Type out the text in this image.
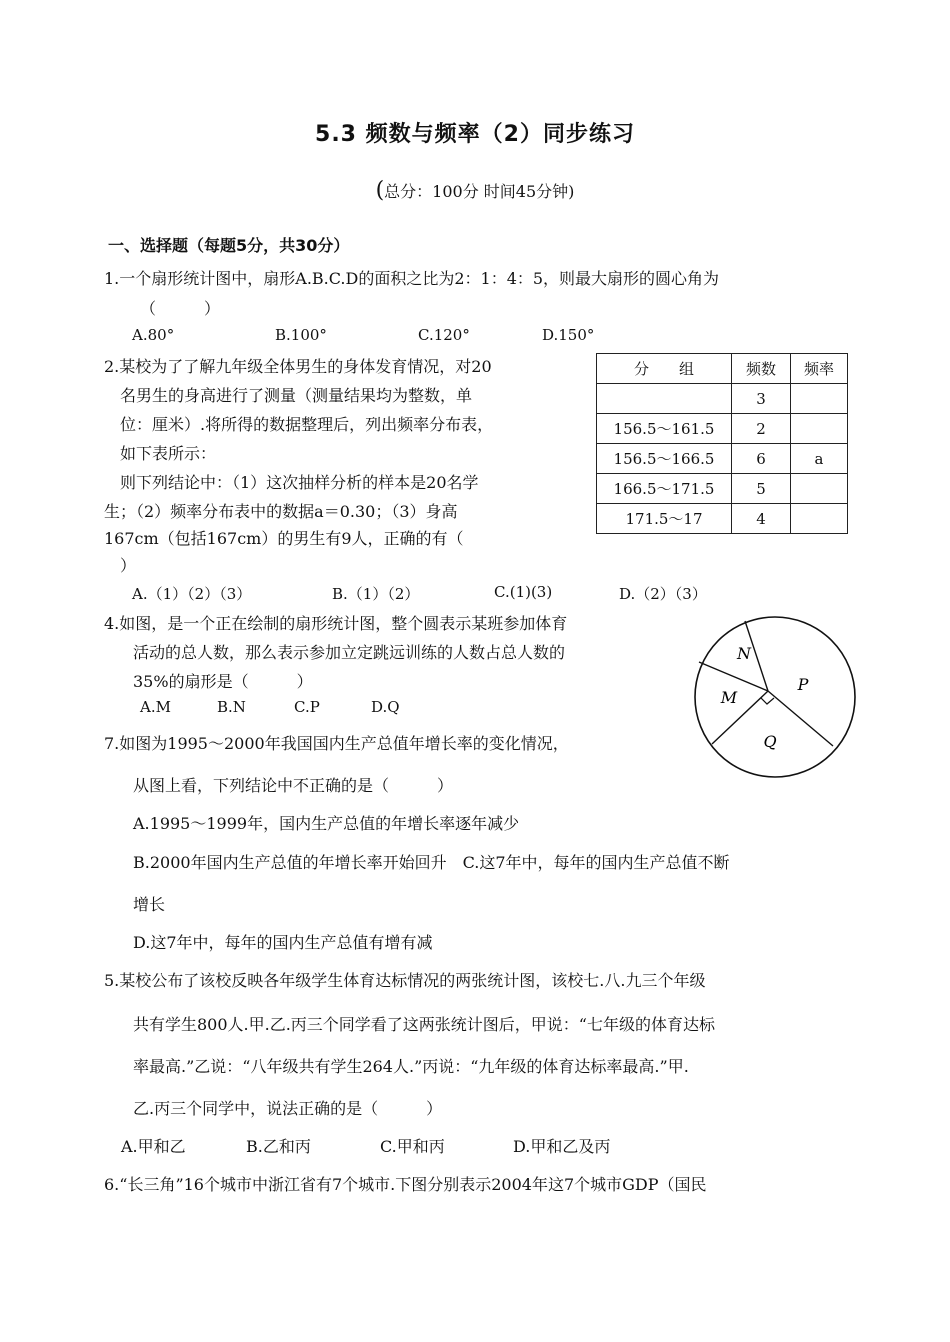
5.3 频数与频率（2）同步练习
(总分：100分 时间45分钟)
一、选择题（每题5分，共30分）
1.一个扇形统计图中，扇形A.B.C.D的面积之比为2：1：4：5，则最大扇形的圆心角为
（　　　）
A.80°	B.100°	C.120°	D.150°
2.某校为了了解九年级全体男生的身体发育情况，对20
名男生的身高进行了测量（测量结果均为整数，单
位：厘米）.将所得的数据整理后，列出频率分布表，
如下表所示：
则下列结论中：（1）这次抽样分析的样本是20名学
生；（2）频率分布表中的数据a＝0.30；（3）身高
167cm（包括167cm）的男生有9人，正确的有（
）
分　　组	频数	频率
	3	
156.5～161.5	2	
156.5～166.5	6	a
166.5～171.5	5	
171.5～17	4	
A.（1）（2）（3）	B.（1）（2）	C.(1)(3)	D.（2）（3）
4.如图，是一个正在绘制的扇形统计图，整个圆表示某班参加体育
活动的总人数，那么表示参加立定跳远训练的人数占总人数的
35%的扇形是（　　　）
A.M	B.N	C.P	D.Q
N
P
M
Q
7.如图为1995～2000年我国国内生产总值年增长率的变化情况，
从图上看，下列结论中不正确的是（　　　）
A.1995～1999年，国内生产总值的年增长率逐年减少
B.2000年国内生产总值的年增长率开始回升　C.这7年中，每年的国内生产总值不断
增长
D.这7年中，每年的国内生产总值有增有减
5.某校公布了该校反映各年级学生体育达标情况的两张统计图，该校七.八.九三个年级
共有学生800人.甲.乙.丙三个同学看了这两张统计图后，甲说：“七年级的体育达标
率最高.”乙说：“八年级共有学生264人.”丙说：“九年级的体育达标率最高.”甲.
乙.丙三个同学中，说法正确的是（　　　）
A.甲和乙	B.乙和丙	C.甲和丙	D.甲和乙及丙
6.“长三角”16个城市中浙江省有7个城市.下图分别表示2004年这7个城市GDP（国民
